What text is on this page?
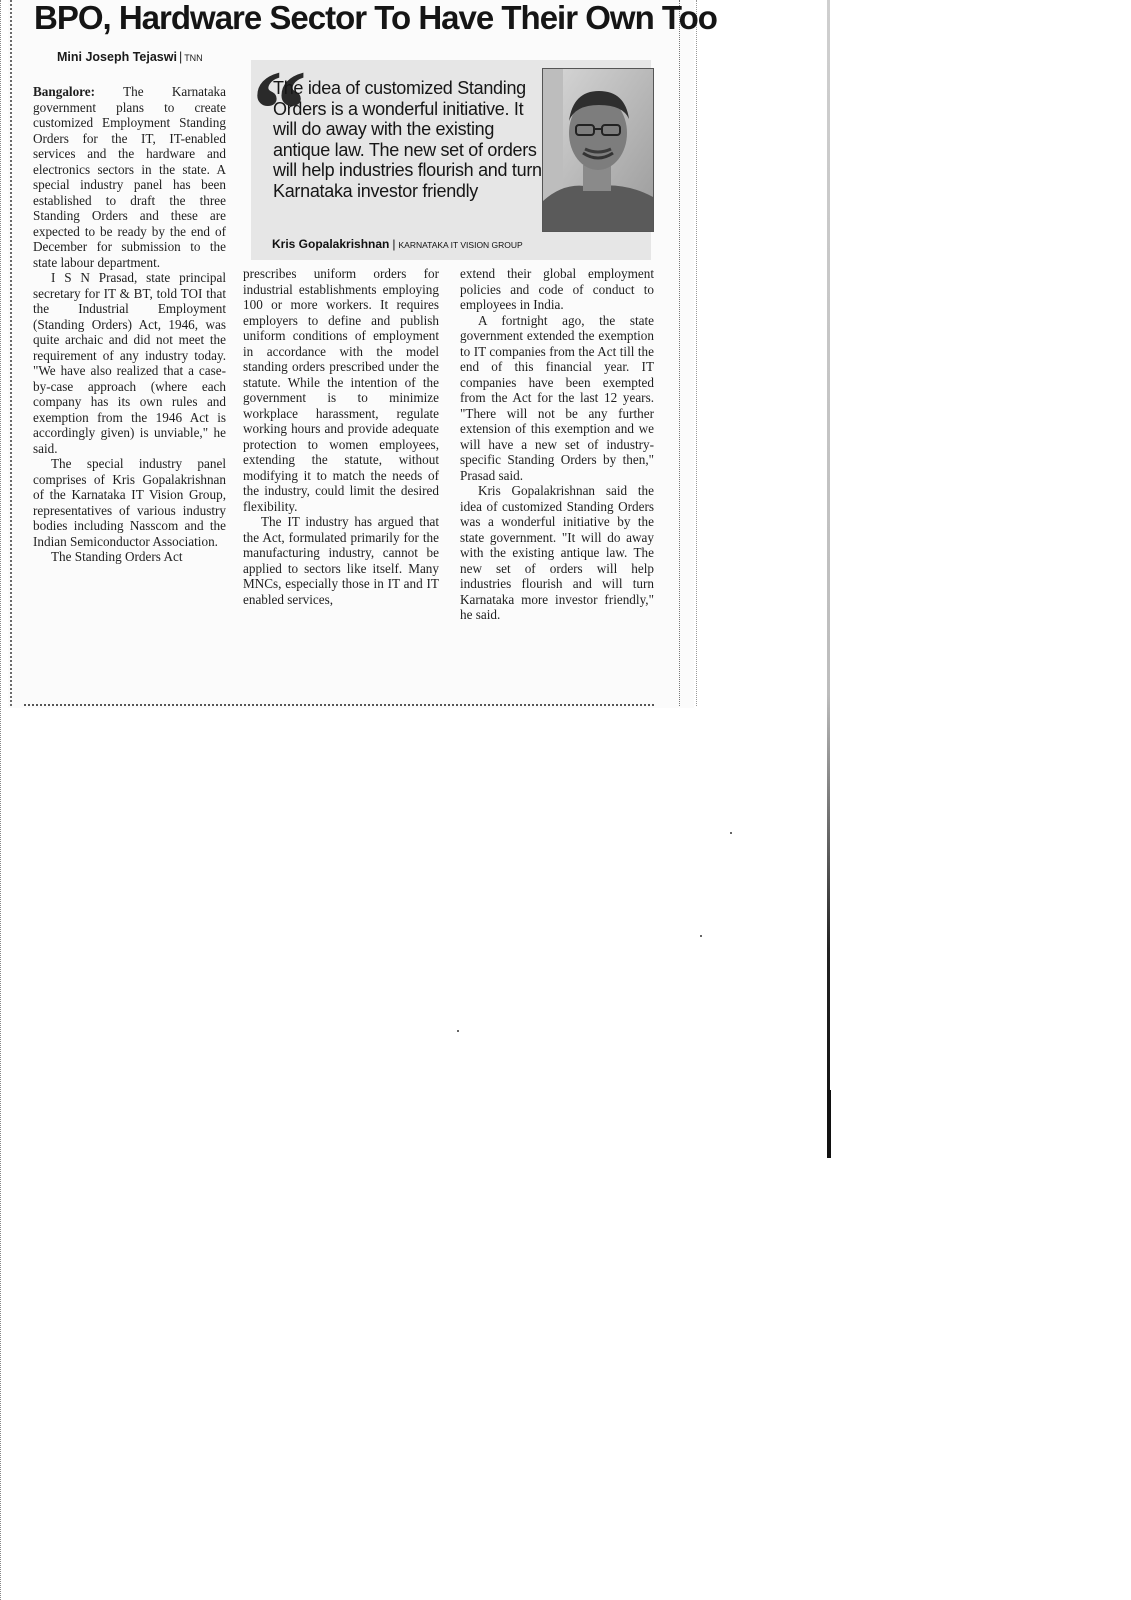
BPO, Hardware Sector To Have Their Own Too
Mini Joseph Tejaswi | TNN “
The idea of customized Standing Orders is a wonderful initiative. It will do away with the existing antique law. The new set of orders will help industries flourish and turn Karnataka investor friendly
Kris Gopalakrishnan | KARNATAKA IT VISION GROUP

Bangalore: The Karnataka government plans to create customized Employment Standing Orders for the IT, IT-enabled services and the hardware and electronics sectors in the state. A special industry panel has been established to draft the three Standing Orders and these are expected to be ready by the end of December for submission to the state labour department.

I S N Prasad, state principal secretary for IT & BT, told TOI that the Industrial Employment (Standing Orders) Act, 1946, was quite archaic and did not meet the requirement of any industry today. "We have also realized that a case-by-case approach (where each company has its own rules and exemption from the 1946 Act is accordingly given) is unviable," he said.

The special industry panel comprises of Kris Gopalakrishnan of the Karnataka IT Vision Group, representatives of various industry bodies including Nasscom and the Indian Semiconductor Association.

The Standing Orders Act

prescribes uniform orders for industrial establishments employing 100 or more workers. It requires employers to define and publish uniform conditions of employment in accordance with the model standing orders prescribed under the statute. While the intention of the government is to minimize workplace harassment, regulate working hours and provide adequate protection to women employees, extending the statute, without modifying it to match the needs of the industry, could limit the desired flexibility.

The IT industry has argued that the Act, formulated primarily for the manufacturing industry, cannot be applied to sectors like itself. Many MNCs, especially those in IT and IT enabled services,

extend their global employment policies and code of conduct to employees in India.

A fortnight ago, the state government extended the exemption to IT companies from the Act till the end of this financial year. IT companies have been exempted from the Act for the last 12 years. "There will not be any further extension of this exemption and we will have a new set of industry-specific Standing Orders by then," Prasad said.

Kris Gopalakrishnan said the idea of customized Standing Orders was a wonderful initiative by the state government. "It will do away with the existing antique law. The new set of orders will help industries flourish and will turn Karnataka more investor friendly," he said.
